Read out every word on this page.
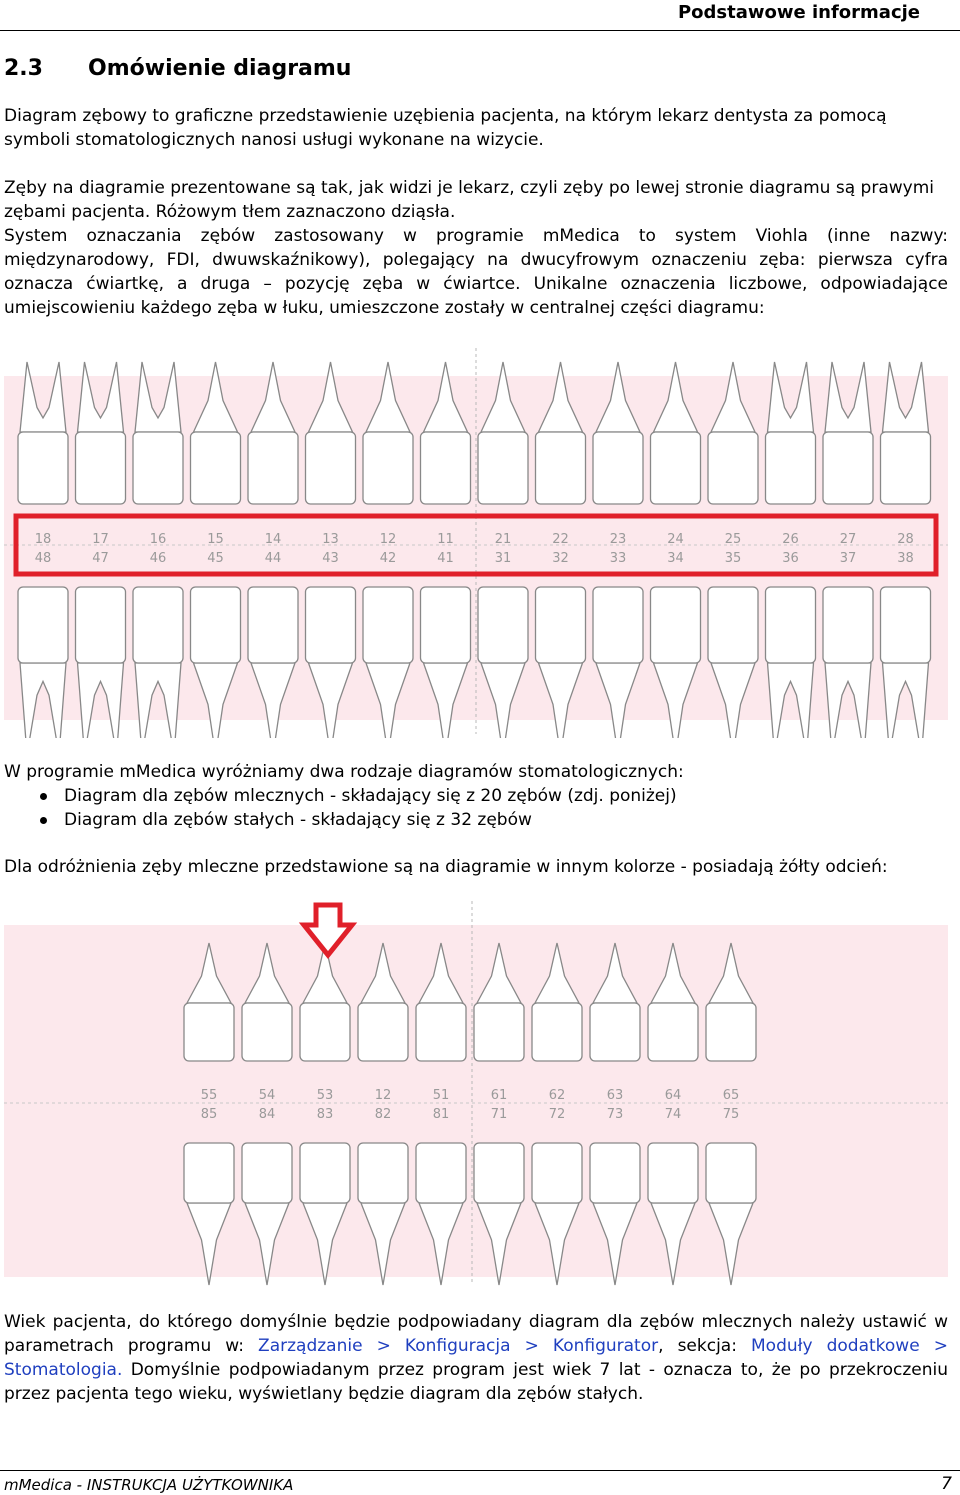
Podstawowe informacje
2.3 Omówienie diagramu

Diagram zębowy to graficzne przedstawienie uzębienia pacjenta, na którym lekarz dentysta za pomocą symboli stomatologicznych nanosi usługi wykonane na wizycie.

Zęby na diagramie prezentowane są tak, jak widzi je lekarz, czyli zęby po lewej stronie diagramu są prawymi zębami pacjenta. Różowym tłem zaznaczono dziąsła.

System oznaczania zębów zastosowany w programie mMedica to system Viohla (inne nazwy: międzynarodowy, FDI, dwuwskaźnikowy), polegający na dwucyfrowym oznaczeniu zęba: pierwsza cyfra oznacza ćwiartkę, a druga – pozycję zęba w ćwiartce. Unikalne oznaczenia liczbowe, odpowiadające umiejscowieniu każdego zęba w łuku, umieszczone zostały w centralnej części diagramu:

18	17	16	15	14	13	12	11	21	22	23	24	25	26	27	28
48	47	46	45	44	43	42	41	31	32	33	34	35	36	37	38

W programie mMedica wyróżniamy dwa rodzaje diagramów stomatologicznych:

Diagram dla zębów mlecznych - składający się z 20 zębów (zdj. poniżej)
Diagram dla zębów stałych - składający się z 32 zębów

Dla odróżnienia zęby mleczne przedstawione są na diagramie w innym kolorze - posiadają żółty odcień:

55	54	53	12	51	61	62	63	64	65
85	84	83	82	81	71	72	73	74	75

Wiek pacjenta, do którego domyślnie będzie podpowiadany diagram dla zębów mlecznych należy ustawić w parametrach programu w: Zarządzanie > Konfiguracja > Konfigurator, sekcja: Moduły dodatkowe > Stomatologia. Domyślnie podpowiadanym przez program jest wiek 7 lat - oznacza to, że po przekroczeniu przez pacjenta tego wieku, wyświetlany będzie diagram dla zębów stałych.

mMedica - INSTRUKCJA UŻYTKOWNIKA	7
